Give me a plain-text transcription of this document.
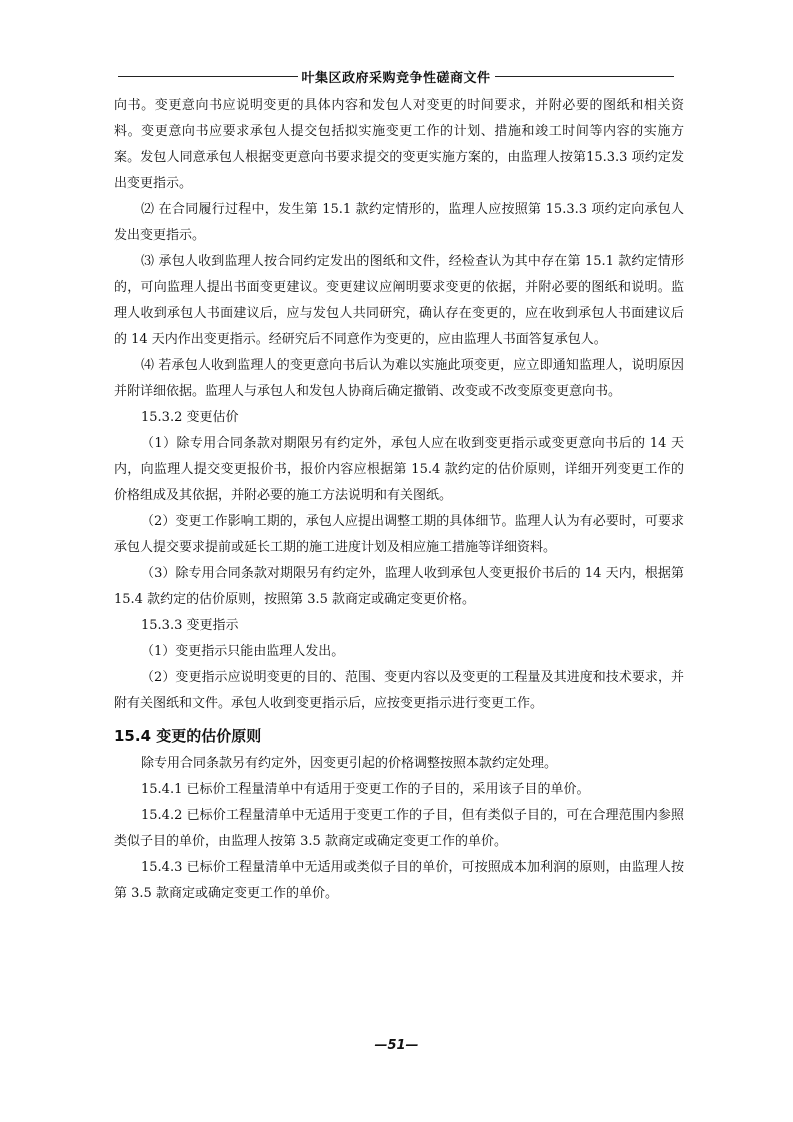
叶集区政府采购竞争性磋商文件

向书。变更意向书应说明变更的具体内容和发包人对变更的时间要求，并附必要的图纸和相关资料。变更意向书应要求承包人提交包括拟实施变更工作的计划、措施和竣工时间等内容的实施方案。发包人同意承包人根据变更意向书要求提交的变更实施方案的，由监理人按第15.3.3 项约定发出变更指示。

⑵ 在合同履行过程中，发生第 15.1 款约定情形的，监理人应按照第 15.3.3 项约定向承包人发出变更指示。

⑶ 承包人收到监理人按合同约定发出的图纸和文件，经检查认为其中存在第 15.1 款约定情形的，可向监理人提出书面变更建议。变更建议应阐明要求变更的依据，并附必要的图纸和说明。监理人收到承包人书面建议后，应与发包人共同研究，确认存在变更的，应在收到承包人书面建议后的 14 天内作出变更指示。经研究后不同意作为变更的，应由监理人书面答复承包人。

⑷ 若承包人收到监理人的变更意向书后认为难以实施此项变更，应立即通知监理人，说明原因并附详细依据。监理人与承包人和发包人协商后确定撤销、改变或不改变原变更意向书。

15.3.2 变更估价

（1）除专用合同条款对期限另有约定外，承包人应在收到变更指示或变更意向书后的 14 天内，向监理人提交变更报价书，报价内容应根据第 15.4 款约定的估价原则，详细开列变更工作的价格组成及其依据，并附必要的施工方法说明和有关图纸。

（2）变更工作影响工期的，承包人应提出调整工期的具体细节。监理人认为有必要时，可要求承包人提交要求提前或延长工期的施工进度计划及相应施工措施等详细资料。

（3）除专用合同条款对期限另有约定外，监理人收到承包人变更报价书后的 14 天内，根据第 15.4 款约定的估价原则，按照第 3.5 款商定或确定变更价格。

15.3.3 变更指示

（1）变更指示只能由监理人发出。

（2）变更指示应说明变更的目的、范围、变更内容以及变更的工程量及其进度和技术要求，并附有关图纸和文件。承包人收到变更指示后，应按变更指示进行变更工作。

15.4 变更的估价原则

除专用合同条款另有约定外，因变更引起的价格调整按照本款约定处理。

15.4.1 已标价工程量清单中有适用于变更工作的子目的，采用该子目的单价。

15.4.2 已标价工程量清单中无适用于变更工作的子目，但有类似子目的，可在合理范围内参照类似子目的单价，由监理人按第 3.5 款商定或确定变更工作的单价。

15.4.3 已标价工程量清单中无适用或类似子目的单价，可按照成本加利润的原则，由监理人按第 3.5 款商定或确定变更工作的单价。

—51—
